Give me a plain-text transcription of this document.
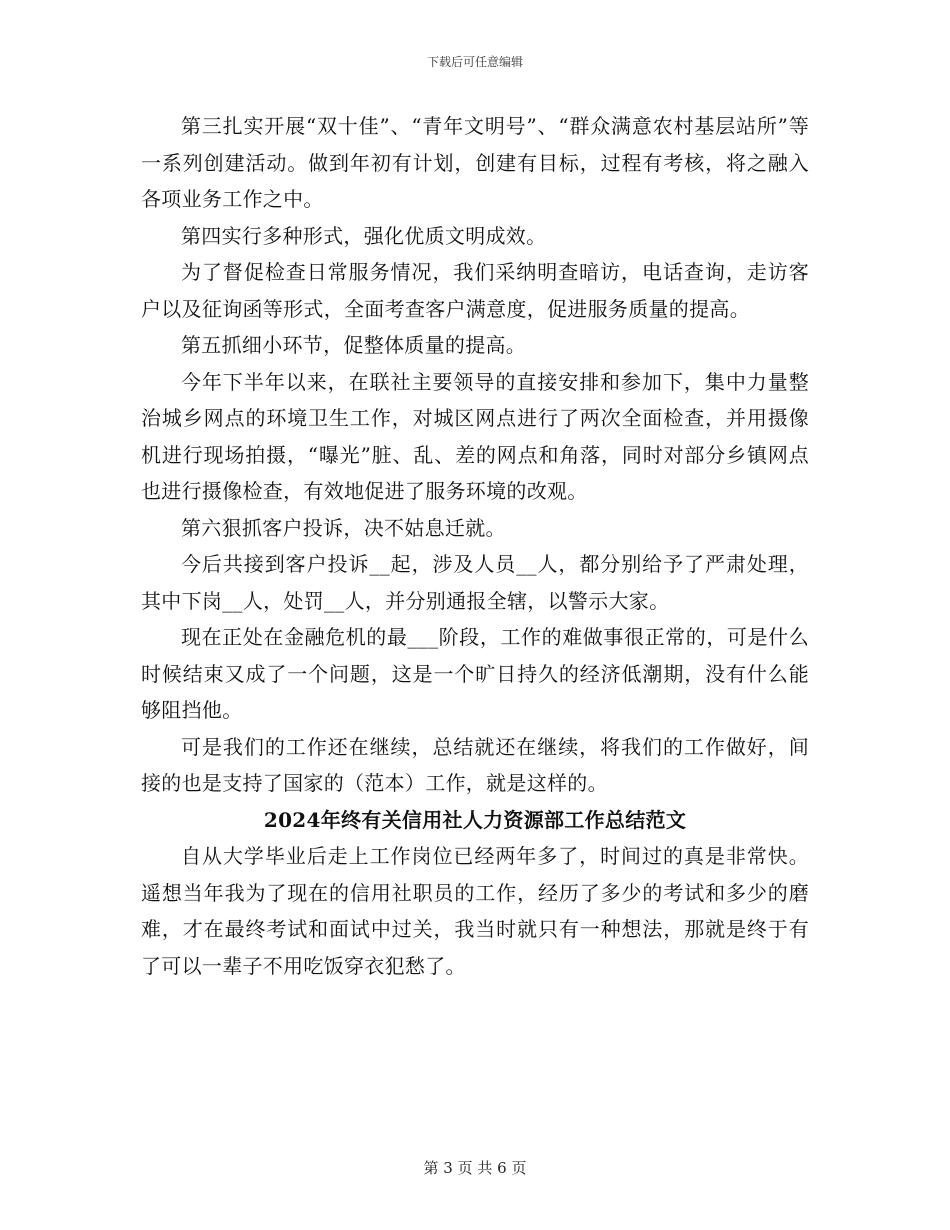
下载后可任意编辑

第三扎实开展“双十佳”、“青年文明号”、“群众满意农村基层站所”等一系列创建活动。做到年初有计划，创建有目标，过程有考核，将之融入各项业务工作之中。

第四实行多种形式，强化优质文明成效。

为了督促检查日常服务情况，我们采纳明查暗访，电话查询，走访客户以及征询函等形式，全面考查客户满意度，促进服务质量的提高。

第五抓细小环节，促整体质量的提高。

今年下半年以来，在联社主要领导的直接安排和参加下，集中力量整治城乡网点的环境卫生工作，对城区网点进行了两次全面检查，并用摄像机进行现场拍摄，“曝光”脏、乱、差的网点和角落，同时对部分乡镇网点也进行摄像检查，有效地促进了服务环境的改观。

第六狠抓客户投诉，决不姑息迁就。

今后共接到客户投诉__起，涉及人员__人，都分别给予了严肃处理，其中下岗__人，处罚__人，并分别通报全辖，以警示大家。

现在正处在金融危机的最___阶段，工作的难做事很正常的，可是什么时候结束又成了一个问题，这是一个旷日持久的经济低潮期，没有什么能够阻挡他。

可是我们的工作还在继续，总结就还在继续，将我们的工作做好，间接的也是支持了国家的（范本）工作，就是这样的。

2024年终有关信用社人力资源部工作总结范文

自从大学毕业后走上工作岗位已经两年多了，时间过的真是非常快。遥想当年我为了现在的信用社职员的工作，经历了多少的考试和多少的磨难，才在最终考试和面试中过关，我当时就只有一种想法，那就是终于有了可以一辈子不用吃饭穿衣犯愁了。

第 3 页 共 6 页
